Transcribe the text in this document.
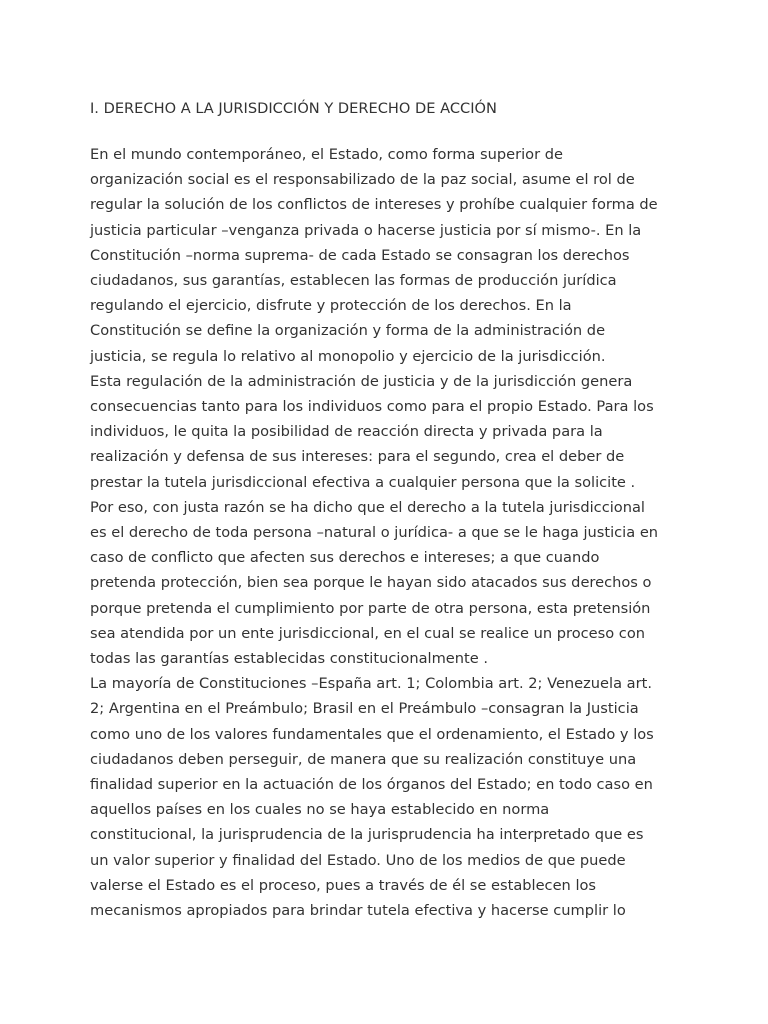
I. DERECHO A LA JURISDICCIÓN Y DERECHO DE ACCIÓN
En el mundo contemporáneo, el Estado, como forma superior de
organización social es el responsabilizado de la paz social, asume el rol de
regular la solución de los conflictos de intereses y prohíbe cualquier forma de
justicia particular –venganza privada o hacerse justicia por sí mismo-. En la
Constitución –norma suprema- de cada Estado se consagran los derechos
ciudadanos, sus garantías, establecen las formas de producción jurídica
regulando el ejercicio, disfrute y protección de los derechos. En la
Constitución se define la organización y forma de la administración de
justicia, se regula lo relativo al monopolio y ejercicio de la jurisdicción.
Esta regulación de la administración de justicia y de la jurisdicción genera
consecuencias tanto para los individuos como para el propio Estado. Para los
individuos, le quita la posibilidad de reacción directa y privada para la
realización y defensa de sus intereses: para el segundo, crea el deber de
prestar la tutela jurisdiccional efectiva a cualquier persona que la solicite .
Por eso, con justa razón se ha dicho que el derecho a la tutela jurisdiccional
es el derecho de toda persona –natural o jurídica- a que se le haga justicia en
caso de conflicto que afecten sus derechos e intereses; a que cuando
pretenda protección, bien sea porque le hayan sido atacados sus derechos o
porque pretenda el cumplimiento por parte de otra persona, esta pretensión
sea atendida por un ente jurisdiccional, en el cual se realice un proceso con
todas las garantías establecidas constitucionalmente .
La mayoría de Constituciones –España art. 1; Colombia art. 2; Venezuela art.
2; Argentina en el Preámbulo; Brasil en el Preámbulo –consagran la Justicia
como uno de los valores fundamentales que el ordenamiento, el Estado y los
ciudadanos deben perseguir, de manera que su realización constituye una
finalidad superior en la actuación de los órganos del Estado; en todo caso en
aquellos países en los cuales no se haya establecido en norma
constitucional, la jurisprudencia de la jurisprudencia ha interpretado que es
un valor superior y finalidad del Estado. Uno de los medios de que puede
valerse el Estado es el proceso, pues a través de él se establecen los
mecanismos apropiados para brindar tutela efectiva y hacerse cumplir lo
